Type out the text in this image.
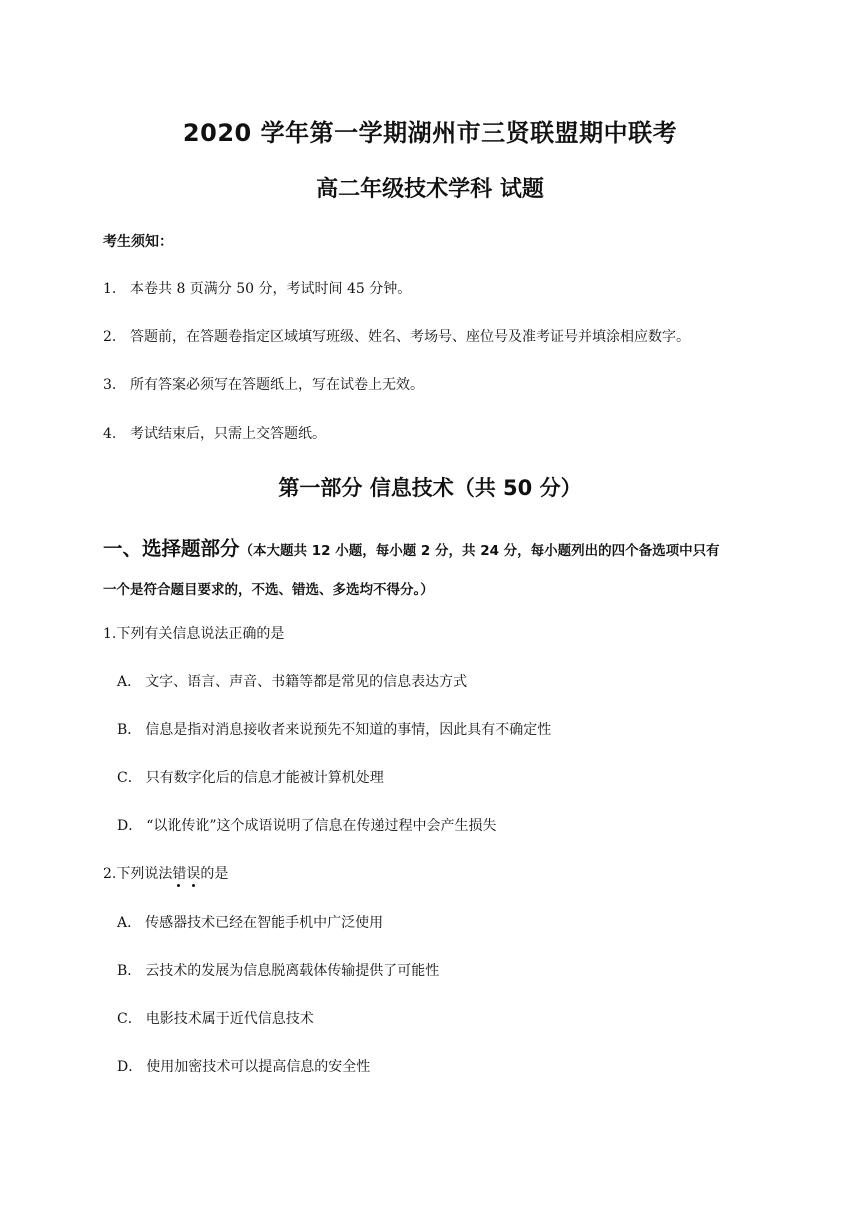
2020 学年第一学期湖州市三贤联盟期中联考
高二年级技术学科 试题
考生须知：
1. 本卷共 8 页满分 50 分，考试时间 45 分钟。
2. 答题前，在答题卷指定区域填写班级、姓名、考场号、座位号及准考证号并填涂相应数字。
3. 所有答案必须写在答题纸上，写在试卷上无效。
4. 考试结束后，只需上交答题纸。
第一部分 信息技术（共 50 分）
一、选择题部分（本大题共 12 小题，每小题 2 分，共 24 分，每小题列出的四个备选项中只有
一个是符合题目要求的，不选、错选、多选均不得分。）
1.下列有关信息说法正确的是
A． 文字、语言、声音、书籍等都是常见的信息表达方式
B． 信息是指对消息接收者来说预先不知道的事情，因此具有不确定性
C． 只有数字化后的信息才能被计算机处理
D． “以讹传讹”这个成语说明了信息在传递过程中会产生损失
2.下列说法错误
的是
A． 传感器技术已经在智能手机中广泛使用
B． 云技术的发展为信息脱离载体传输提供了可能性
C． 电影技术属于近代信息技术
D． 使用加密技术可以提高信息的安全性
